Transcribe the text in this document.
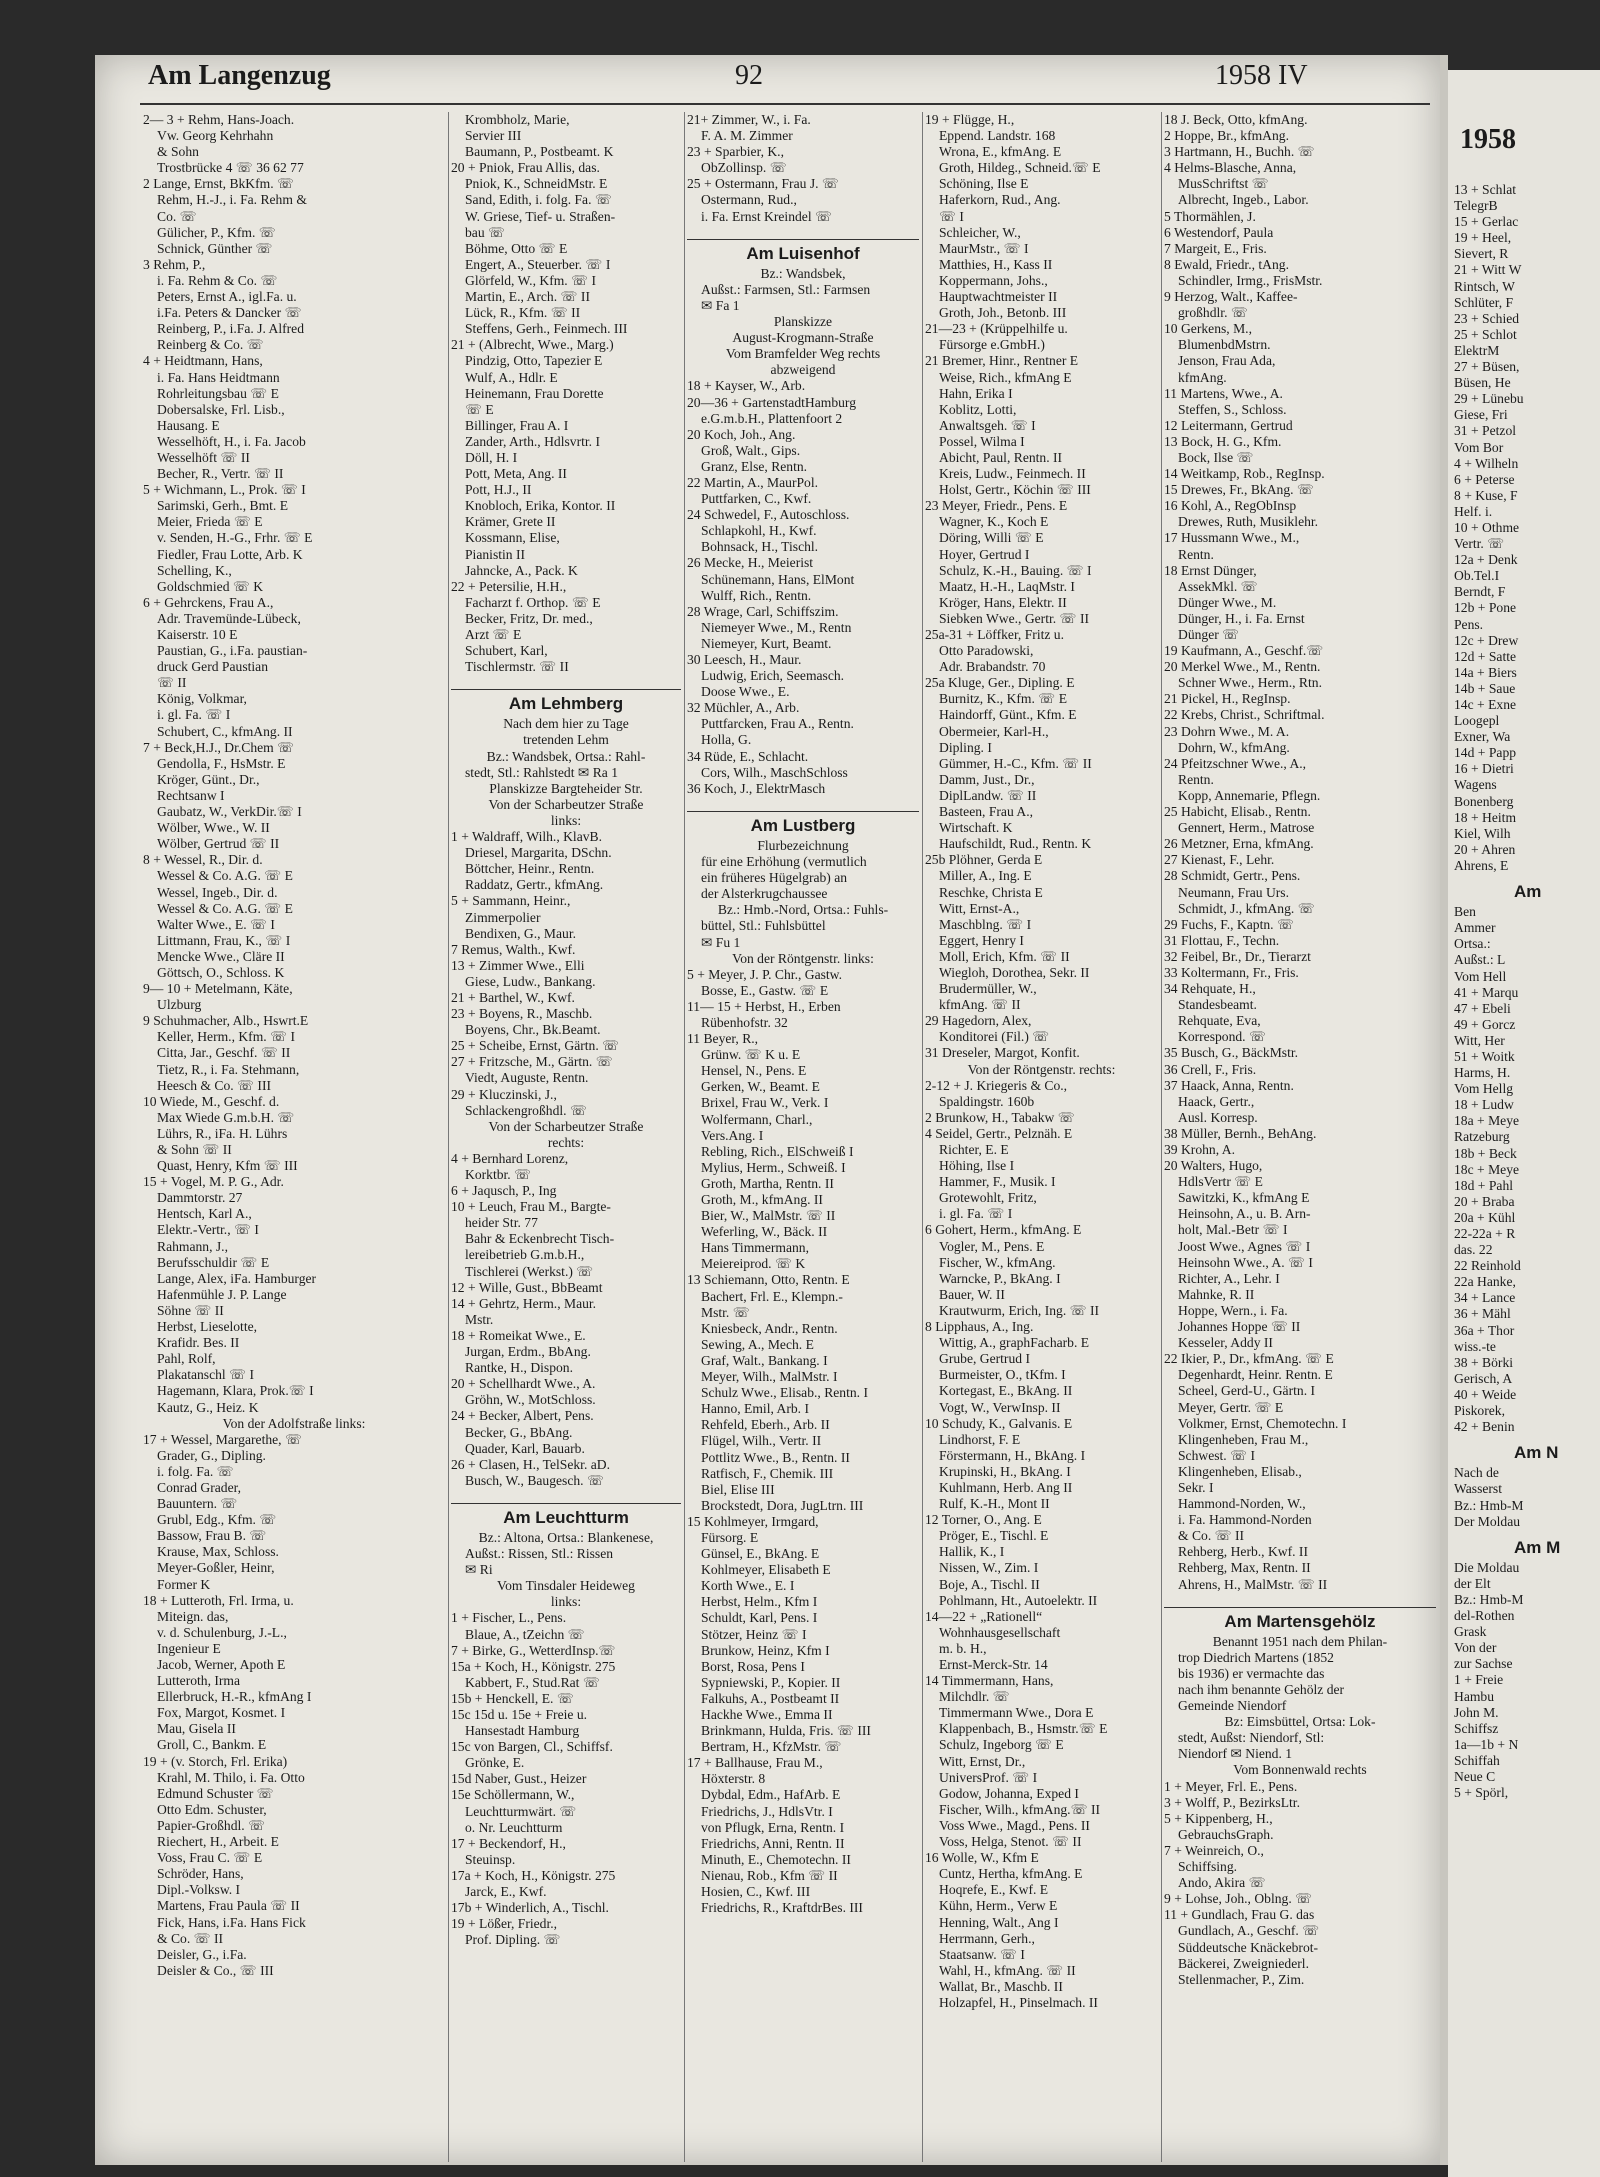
Am Langenzug	92	1958 IV

2— 3 + Rehm, Hans-Joach.

Vw. Georg Kehrhahn

& Sohn

Trostbrücke 4 ☏ 36 62 77

2 Lange, Ernst, BkKfm. ☏

Rehm, H.-J., i. Fa. Rehm &

Co. ☏

Gülicher, P., Kfm. ☏

Schnick, Günther ☏

3 Rehm, P.,

i. Fa. Rehm & Co. ☏

Peters, Ernst A., igl.Fa. u.

i.Fa. Peters & Dancker ☏

Reinberg, P., i.Fa. J. Alfred

Reinberg & Co. ☏

4 + Heidtmann, Hans,

i. Fa. Hans Heidtmann

Rohrleitungsbau ☏ E

Dobersalske, Frl. Lisb.,

Hausang. E

Wesselhöft, H., i. Fa. Jacob

Wesselhöft ☏ II

Becher, R., Vertr. ☏ II

5 + Wichmann, L., Prok. ☏ I

Sarimski, Gerh., Bmt. E

Meier, Frieda ☏ E

v. Senden, H.-G., Frhr. ☏ E

Fiedler, Frau Lotte, Arb. K

Schelling, K.,

Goldschmied ☏ K

6 + Gehrckens, Frau A.,

Adr. Travemünde-Lübeck,

Kaiserstr. 10 E

Paustian, G., i.Fa. paustian-

druck Gerd Paustian

☏ II

König, Volkmar,

i. gl. Fa. ☏ I

Schubert, C., kfmAng. II

7 + Beck,H.J., Dr.Chem ☏

Gendolla, F., HsMstr. E

Kröger, Günt., Dr.,

Rechtsanw I

Gaubatz, W., VerkDir.☏ I

Wölber, Wwe., W. II

Wölber, Gertrud ☏ II

8 + Wessel, R., Dir. d.

Wessel & Co. A.G. ☏ E

Wessel, Ingeb., Dir. d.

Wessel & Co. A.G. ☏ E

Walter Wwe., E. ☏ I

Littmann, Frau, K., ☏ I

Mencke Wwe., Cläre II

Göttsch, O., Schloss. K

9— 10 + Metelmann, Käte,

Ulzburg

9 Schuhmacher, Alb., Hswrt.E

Keller, Herm., Kfm. ☏ I

Citta, Jar., Geschf. ☏ II

Tietz, R., i. Fa. Stehmann,

Heesch & Co. ☏ III

10 Wiede, M., Geschf. d.

Max Wiede G.m.b.H. ☏

Lührs, R., iFa. H. Lührs

& Sohn ☏ II

Quast, Henry, Kfm ☏ III

15 + Vogel, M. P. G., Adr.

Dammtorstr. 27

Hentsch, Karl A.,

Elektr.-Vertr., ☏ I

Rahmann, J.,

Berufsschuldir ☏ E

Lange, Alex, iFa. Hamburger

Hafenmühle J. P. Lange

Söhne ☏ II

Herbst, Lieselotte,

Krafidr. Bes. II

Pahl, Rolf,

Plakatanschl ☏ I

Hagemann, Klara, Prok.☏ I

Kautz, G., Heiz. K

Von der Adolfstraße links:

17 + Wessel, Margarethe, ☏

Grader, G., Dipling.

i. folg. Fa. ☏

Conrad Grader,

Bauuntern. ☏

Grubl, Edg., Kfm. ☏

Bassow, Frau B. ☏

Krause, Max, Schloss.

Meyer-Goßler, Heinr,

Former K

18 + Lutteroth, Frl. Irma, u.

Miteign. das,

v. d. Schulenburg, J.-L.,

Ingenieur E

Jacob, Werner, Apoth E

Lutteroth, Irma

Ellerbruck, H.-R., kfmAng I

Fox, Margot, Kosmet. I

Mau, Gisela II

Groll, C., Bankm. E

19 + (v. Storch, Frl. Erika)

Krahl, M. Thilo, i. Fa. Otto

Edmund Schuster ☏

Otto Edm. Schuster,

Papier-Großhdl. ☏

Riechert, H., Arbeit. E

Voss, Frau C. ☏ E

Schröder, Hans,

Dipl.-Volksw. I

Martens, Frau Paula ☏ II

Fick, Hans, i.Fa. Hans Fick

& Co. ☏ II

Deisler, G., i.Fa.

Deisler & Co., ☏ III

Krombholz, Marie,

Servier III

Baumann, P., Postbeamt. K

20 + Pniok, Frau Allis, das.

Pniok, K., SchneidMstr. E

Sand, Edith, i. folg. Fa. ☏

W. Griese, Tief- u. Straßen-

bau ☏

Böhme, Otto ☏ E

Engert, A., Steuerber. ☏ I

Glörfeld, W., Kfm. ☏ I

Martin, E., Arch. ☏ II

Lück, R., Kfm. ☏ II

Steffens, Gerh., Feinmech. III

21 + (Albrecht, Wwe., Marg.)

Pindzig, Otto, Tapezier E

Wulf, A., Hdlr. E

Heinemann, Frau Dorette

☏ E

Billinger, Frau A. I

Zander, Arth., Hdlsvrtr. I

Döll, H. I

Pott, Meta, Ang. II

Pott, H.J., II

Knobloch, Erika, Kontor. II

Krämer, Grete II

Kossmann, Elise,

Pianistin II

Jahncke, A., Pack. K

22 + Petersilie, H.H.,

Facharzt f. Orthop. ☏ E

Becker, Fritz, Dr. med.,

Arzt ☏ E

Schubert, Karl,

Tischlermstr. ☏ II

Am Lehmberg

Nach dem hier zu Tage

tretenden Lehm

Bz.: Wandsbek, Ortsa.: Rahl-

stedt, Stl.: Rahlstedt ✉ Ra 1

Planskizze Bargteheider Str.

Von der Scharbeutzer Straße

links:

1 + Waldraff, Wilh., KlavB.

Driesel, Margarita, DSchn.

Böttcher, Heinr., Rentn.

Raddatz, Gertr., kfmAng.

5 + Sammann, Heinr.,

Zimmerpolier

Bendixen, G., Maur.

7 Remus, Walth., Kwf.

13 + Zimmer Wwe., Elli

Giese, Ludw., Bankang.

21 + Barthel, W., Kwf.

23 + Boyens, R., Maschb.

Boyens, Chr., Bk.Beamt.

25 + Scheibe, Ernst, Gärtn. ☏

27 + Fritzsche, M., Gärtn. ☏

Viedt, Auguste, Rentn.

29 + Kluczinski, J.,

Schlackengroßhdl. ☏

Von der Scharbeutzer Straße

rechts:

4 + Bernhard Lorenz,

Korktbr. ☏

6 + Jaqusch, P., Ing

10 + Leuch, Frau M., Bargte-

heider Str. 77

Bahr & Eckenbrecht Tisch-

lereibetrieb G.m.b.H.,

Tischlerei (Werkst.) ☏

12 + Wille, Gust., BbBeamt

14 + Gehrtz, Herm., Maur.

Mstr.

18 + Romeikat Wwe., E.

Jurgan, Erdm., BbAng.

Rantke, H., Dispon.

20 + Schellhardt Wwe., A.

Gröhn, W., MotSchloss.

24 + Becker, Albert, Pens.

Becker, G., BbAng.

Quader, Karl, Bauarb.

26 + Clasen, H., TelSekr. aD.

Busch, W., Baugesch. ☏

Am Leuchtturm

Bz.: Altona, Ortsa.: Blankenese,

Außst.: Rissen, Stl.: Rissen

✉ Ri

Vom Tinsdaler Heideweg

links:

1 + Fischer, L., Pens.

Blaue, A., tZeichn ☏

7 + Birke, G., WetterdInsp.☏

15a + Koch, H., Königstr. 275

Kabbert, F., Stud.Rat ☏

15b + Henckell, E. ☏

15c 15d u. 15e + Freie u.

Hansestadt Hamburg

15c von Bargen, Cl., Schiffsf.

Grönke, E.

15d Naber, Gust., Heizer

15e Schöllermann, W.,

Leuchtturmwärt. ☏

o. Nr. Leuchtturm

17 + Beckendorf, H.,

Steuinsp.

17a + Koch, H., Königstr. 275

Jarck, E., Kwf.

17b + Winderlich, A., Tischl.

19 + Lößer, Friedr.,

Prof. Dipling. ☏

21+ Zimmer, W., i. Fa.

F. A. M. Zimmer

23 + Sparbier, K.,

ObZollinsp. ☏

25 + Ostermann, Frau J. ☏

Ostermann, Rud.,

i. Fa. Ernst Kreindel ☏

Am Luisenhof

Bz.: Wandsbek,

Außst.: Farmsen, Stl.: Farmsen

✉ Fa 1

Planskizze

August-Krogmann-Straße

Vom Bramfelder Weg rechts

abzweigend

18 + Kayser, W., Arb.

20—36 + GartenstadtHamburg

e.G.m.b.H., Plattenfoort 2

20 Koch, Joh., Ang.

Groß, Walt., Gips.

Granz, Else, Rentn.

22 Martin, A., MaurPol.

Puttfarken, C., Kwf.

24 Schwedel, F., Autoschloss.

Schlapkohl, H., Kwf.

Bohnsack, H., Tischl.

26 Mecke, H., Meierist

Schünemann, Hans, ElMont

Wulff, Rich., Rentn.

28 Wrage, Carl, Schiffszim.

Niemeyer Wwe., M., Rentn

Niemeyer, Kurt, Beamt.

30 Leesch, H., Maur.

Ludwig, Erich, Seemasch.

Doose Wwe., E.

32 Müchler, A., Arb.

Puttfarcken, Frau A., Rentn.

Holla, G.

34 Rüde, E., Schlacht.

Cors, Wilh., MaschSchloss

36 Koch, J., ElektrMasch

Am Lustberg

Flurbezeichnung

für eine Erhöhung (vermutlich

ein früheres Hügelgrab) an

der Alsterkrugchaussee

Bz.: Hmb.-Nord, Ortsa.: Fuhls-

büttel, Stl.: Fuhlsbüttel

✉ Fu 1

Von der Röntgenstr. links:

5 + Meyer, J. P. Chr., Gastw.

Bosse, E., Gastw. ☏ E

11— 15 + Herbst, H., Erben

Rübenhofstr. 32

11 Beyer, R.,

Grünw. ☏ K u. E

Hensel, N., Pens. E

Gerken, W., Beamt. E

Brixel, Frau W., Verk. I

Wolfermann, Charl.,

Vers.Ang. I

Rebling, Rich., ElSchweiß I

Mylius, Herm., Schweiß. I

Groth, Martha, Rentn. II

Groth, M., kfmAng. II

Bier, W., MalMstr. ☏ II

Weferling, W., Bäck. II

Hans Timmermann,

Meiereiprod. ☏ K

13 Schiemann, Otto, Rentn. E

Bachert, Frl. E., Klempn.-

Mstr. ☏

Kniesbeck, Andr., Rentn.

Sewing, A., Mech. E

Graf, Walt., Bankang. I

Meyer, Wilh., MalMstr. I

Schulz Wwe., Elisab., Rentn. I

Hanno, Emil, Arb. I

Rehfeld, Eberh., Arb. II

Flügel, Wilh., Vertr. II

Pottlitz Wwe., B., Rentn. II

Ratfisch, F., Chemik. III

Biel, Elise III

Brockstedt, Dora, JugLtrn. III

15 Kohlmeyer, Irmgard,

Fürsorg. E

Günsel, E., BkAng. E

Kohlmeyer, Elisabeth E

Korth Wwe., E. I

Herbst, Helm., Kfm I

Schuldt, Karl, Pens. I

Stötzer, Heinz ☏ I

Brunkow, Heinz, Kfm I

Borst, Rosa, Pens I

Sypniewski, P., Kopier. II

Falkuhs, A., Postbeamt II

Hackhe Wwe., Emma II

Brinkmann, Hulda, Fris. ☏ III

Bertram, H., KfzMstr. ☏

17 + Ballhause, Frau M.,

Höxterstr. 8

Dybdal, Edm., HafArb. E

Friedrichs, J., HdlsVtr. I

von Pflugk, Erna, Rentn. I

Friedrichs, Anni, Rentn. II

Minuth, E., Chemotechn. II

Nienau, Rob., Kfm ☏ II

Hosien, C., Kwf. III

Friedrichs, R., KraftdrBes. III

19 + Flügge, H.,

Eppend. Landstr. 168

Wrona, E., kfmAng. E

Groth, Hildeg., Schneid.☏ E

Schöning, Ilse E

Haferkorn, Rud., Ang.

☏ I

Schleicher, W.,

MaurMstr., ☏ I

Matthies, H., Kass II

Koppermann, Johs.,

Hauptwachtmeister II

Groth, Joh., Betonb. III

21—23 + (Krüppelhilfe u.

Fürsorge e.GmbH.)

21 Bremer, Hinr., Rentner E

Weise, Rich., kfmAng E

Hahn, Erika I

Koblitz, Lotti,

Anwaltsgeh. ☏ I

Possel, Wilma I

Abicht, Paul, Rentn. II

Kreis, Ludw., Feinmech. II

Holst, Gertr., Köchin ☏ III

23 Meyer, Friedr., Pens. E

Wagner, K., Koch E

Döring, Willi ☏ E

Hoyer, Gertrud I

Schulz, K.-H., Bauing. ☏ I

Maatz, H.-H., LaqMstr. I

Kröger, Hans, Elektr. II

Siebken Wwe., Gertr. ☏ II

25a-31 + Löffker, Fritz u.

Otto Paradowski,

Adr. Brabandstr. 70

25a Kluge, Ger., Dipling. E

Burnitz, K., Kfm. ☏ E

Haindorff, Günt., Kfm. E

Obermeier, Karl-H.,

Dipling. I

Gümmer, H.-C., Kfm. ☏ II

Damm, Just., Dr.,

DiplLandw. ☏ II

Basteen, Frau A.,

Wirtschaft. K

Haufschildt, Rud., Rentn. K

25b Plöhner, Gerda E

Miller, A., Ing. E

Reschke, Christa E

Witt, Ernst-A.,

Maschblng. ☏ I

Eggert, Henry I

Moll, Erich, Kfm. ☏ II

Wiegloh, Dorothea, Sekr. II

Brudermüller, W.,

kfmAng. ☏ II

29 Hagedorn, Alex,

Konditorei (Fil.) ☏

31 Dreseler, Margot, Konfit.

Von der Röntgenstr. rechts:

2-12 + J. Kriegeris & Co.,

Spaldingstr. 160b

2 Brunkow, H., Tabakw ☏

4 Seidel, Gertr., Pelznäh. E

Richter, E. E

Höhing, Ilse I

Hammer, F., Musik. I

Grotewohlt, Fritz,

i. gl. Fa. ☏ I

6 Gohert, Herm., kfmAng. E

Vogler, M., Pens. E

Fischer, W., kfmAng.

Warncke, P., BkAng. I

Bauer, W. II

Krautwurm, Erich, Ing. ☏ II

8 Lipphaus, A., Ing.

Wittig, A., graphFacharb. E

Grube, Gertrud I

Burmeister, O., tKfm. I

Kortegast, E., BkAng. II

Vogt, W., VerwInsp. II

10 Schudy, K., Galvanis. E

Lindhorst, F. E

Förstermann, H., BkAng. I

Krupinski, H., BkAng. I

Kuhlmann, Herb. Ang II

Rulf, K.-H., Mont II

12 Torner, O., Ang. E

Pröger, E., Tischl. E

Hallik, K., I

Nissen, W., Zim. I

Boje, A., Tischl. II

Pohlmann, Ht., Autoelektr. II

14—22 + „Rationell“

Wohnhausgesellschaft

m. b. H.,

Ernst-Merck-Str. 14

14 Timmermann, Hans,

Milchdlr. ☏

Timmermann Wwe., Dora E

Klappenbach, B., Hsmstr.☏ E

Schulz, Ingeborg ☏ E

Witt, Ernst, Dr.,

UniversProf. ☏ I

Godow, Johanna, Exped I

Fischer, Wilh., kfmAng.☏ II

Voss Wwe., Magd., Pens. II

Voss, Helga, Stenot. ☏ II

16 Wolle, W., Kfm E

Cuntz, Hertha, kfmAng. E

Hoqrefe, E., Kwf. E

Kühn, Herm., Verw E

Henning, Walt., Ang I

Herrmann, Gerh.,

Staatsanw. ☏ I

Wahl, H., kfmAng. ☏ II

Wallat, Br., Maschb. II

Holzapfel, H., Pinselmach. II

18 J. Beck, Otto, kfmAng.

2 Hoppe, Br., kfmAng.

3 Hartmann, H., Buchh. ☏

4 Helms-Blasche, Anna,

MusSchriftst ☏

Albrecht, Ingeb., Labor.

5 Thormählen, J.

6 Westendorf, Paula

7 Margeit, E., Fris.

8 Ewald, Friedr., tAng.

Schindler, Irmg., FrisMstr.

9 Herzog, Walt., Kaffee-

großhdlr. ☏

10 Gerkens, M.,

BlumenbdMstrn.

Jenson, Frau Ada,

kfmAng.

11 Martens, Wwe., A.

Steffen, S., Schloss.

12 Leitermann, Gertrud

13 Bock, H. G., Kfm.

Bock, Ilse ☏

14 Weitkamp, Rob., RegInsp.

15 Drewes, Fr., BkAng. ☏

16 Kohl, A., RegObInsp

Drewes, Ruth, Musiklehr.

17 Hussmann Wwe., M.,

Rentn.

18 Ernst Dünger,

AssekMkl. ☏

Dünger Wwe., M.

Dünger, H., i. Fa. Ernst

Dünger ☏

19 Kaufmann, A., Geschf.☏

20 Merkel Wwe., M., Rentn.

Schner Wwe., Herm., Rtn.

21 Pickel, H., RegInsp.

22 Krebs, Christ., Schriftmal.

23 Dohrn Wwe., M. A.

Dohrn, W., kfmAng.

24 Pfeitzschner Wwe., A.,

Rentn.

Kopp, Annemarie, Pflegn.

25 Habicht, Elisab., Rentn.

Gennert, Herm., Matrose

26 Metzner, Erna, kfmAng.

27 Kienast, F., Lehr.

28 Schmidt, Gertr., Pens.

Neumann, Frau Urs.

Schmidt, J., kfmAng. ☏

29 Fuchs, F., Kaptn. ☏

31 Flottau, F., Techn.

32 Feibel, Br., Dr., Tierarzt

33 Koltermann, Fr., Fris.

34 Rehquate, H.,

Standesbeamt.

Rehquate, Eva,

Korrespond. ☏

35 Busch, G., BäckMstr.

36 Crell, F., Fris.

37 Haack, Anna, Rentn.

Haack, Gertr.,

Ausl. Korresp.

38 Müller, Bernh., BehAng.

39 Krohn, A.

20 Walters, Hugo,

HdlsVertr ☏ E

Sawitzki, K., kfmAng E

Heinsohn, A., u. B. Arn-

holt, Mal.-Betr ☏ I

Joost Wwe., Agnes ☏ I

Heinsohn Wwe., A. ☏ I

Richter, A., Lehr. I

Mahnke, R. II

Hoppe, Wern., i. Fa.

Johannes Hoppe ☏ II

Kesseler, Addy II

22 Ikier, P., Dr., kfmAng. ☏ E

Degenhardt, Heinr. Rentn. E

Scheel, Gerd-U., Gärtn. I

Meyer, Gertr. ☏ E

Volkmer, Ernst, Chemotechn. I

Klingenheben, Frau M.,

Schwest. ☏ I

Klingenheben, Elisab.,

Sekr. I

Hammond-Norden, W.,

i. Fa. Hammond-Norden

& Co. ☏ II

Rehberg, Herb., Kwf. II

Rehberg, Max, Rentn. II

Ahrens, H., MalMstr. ☏ II

Am Martensgehölz

Benannt 1951 nach dem Philan-

trop Diedrich Martens (1852

bis 1936) er vermachte das

nach ihm benannte Gehölz der

Gemeinde Niendorf

Bz: Eimsbüttel, Ortsa: Lok-

stedt, Außst: Niendorf, Stl:

Niendorf ✉ Niend. 1

Vom Bonnenwald rechts

1 + Meyer, Frl. E., Pens.

3 + Wolff, P., BezirksLtr.

5 + Kippenberg, H.,

GebrauchsGraph.

7 + Weinreich, O.,

Schiffsing.

Ando, Akira ☏

9 + Lohse, Joh., Oblng. ☏

11 + Gundlach, Frau G. das

Gundlach, A., Geschf. ☏

Süddeutsche Knäckebrot-

Bäckerei, Zweigniederl.

Stellenmacher, P., Zim.

1958

13 + Schlat

TelegrB

15 + Gerlac

19 + Heel,

Sievert, R

21 + Witt W

Rintsch, W

Schlüter, F

23 + Schied

25 + Schlot

ElektrM

27 + Büsen,

Büsen, He

29 + Lünebu

Giese, Fri

31 + Petzol

Vom Bor

4 + Wilheln

6 + Peterse

8 + Kuse, F

Helf. i.

10 + Othme

Vertr. ☏

12a + Denk

Ob.Tel.I

Berndt, F

12b + Pone

Pens.

12c + Drew

12d + Satte

14a + Biers

14b + Saue

14c + Exne

Loogepl

Exner, Wa

14d + Papp

16 + Dietri

Wagens

Bonenberg

18 + Heitm

Kiel, Wilh

20 + Ahren

Ahrens, E

Am

Ben

Ammer

Ortsa.:

Außst.: L

Vom Hell

41 + Marqu

47 + Ebeli

49 + Gorcz

Witt, Her

51 + Woitk

Harms, H.

Vom Hellg

18 + Ludw

18a + Meye

Ratzeburg

18b + Beck

18c + Meye

18d + Pahl

20 + Braba

20a + Kühl

22-22a + R

das. 22

22 Reinhold

22a Hanke,

34 + Lance

36 + Mähl

36a + Thor

wiss.-te

38 + Börki

Gerisch, A

40 + Weide

Piskorek,

42 + Benin

Am N

Nach de

Wasserst

Bz.: Hmb-M

Der Moldau

Am M

Die Moldau

der Elt

Bz.: Hmb-M

del-Rothen

Grask

Von der

zur Sachse

1 + Freie

Hambu

John M.

Schiffsz

1a—1b + N

Schiffah

Neue C

5 + Spörl,
